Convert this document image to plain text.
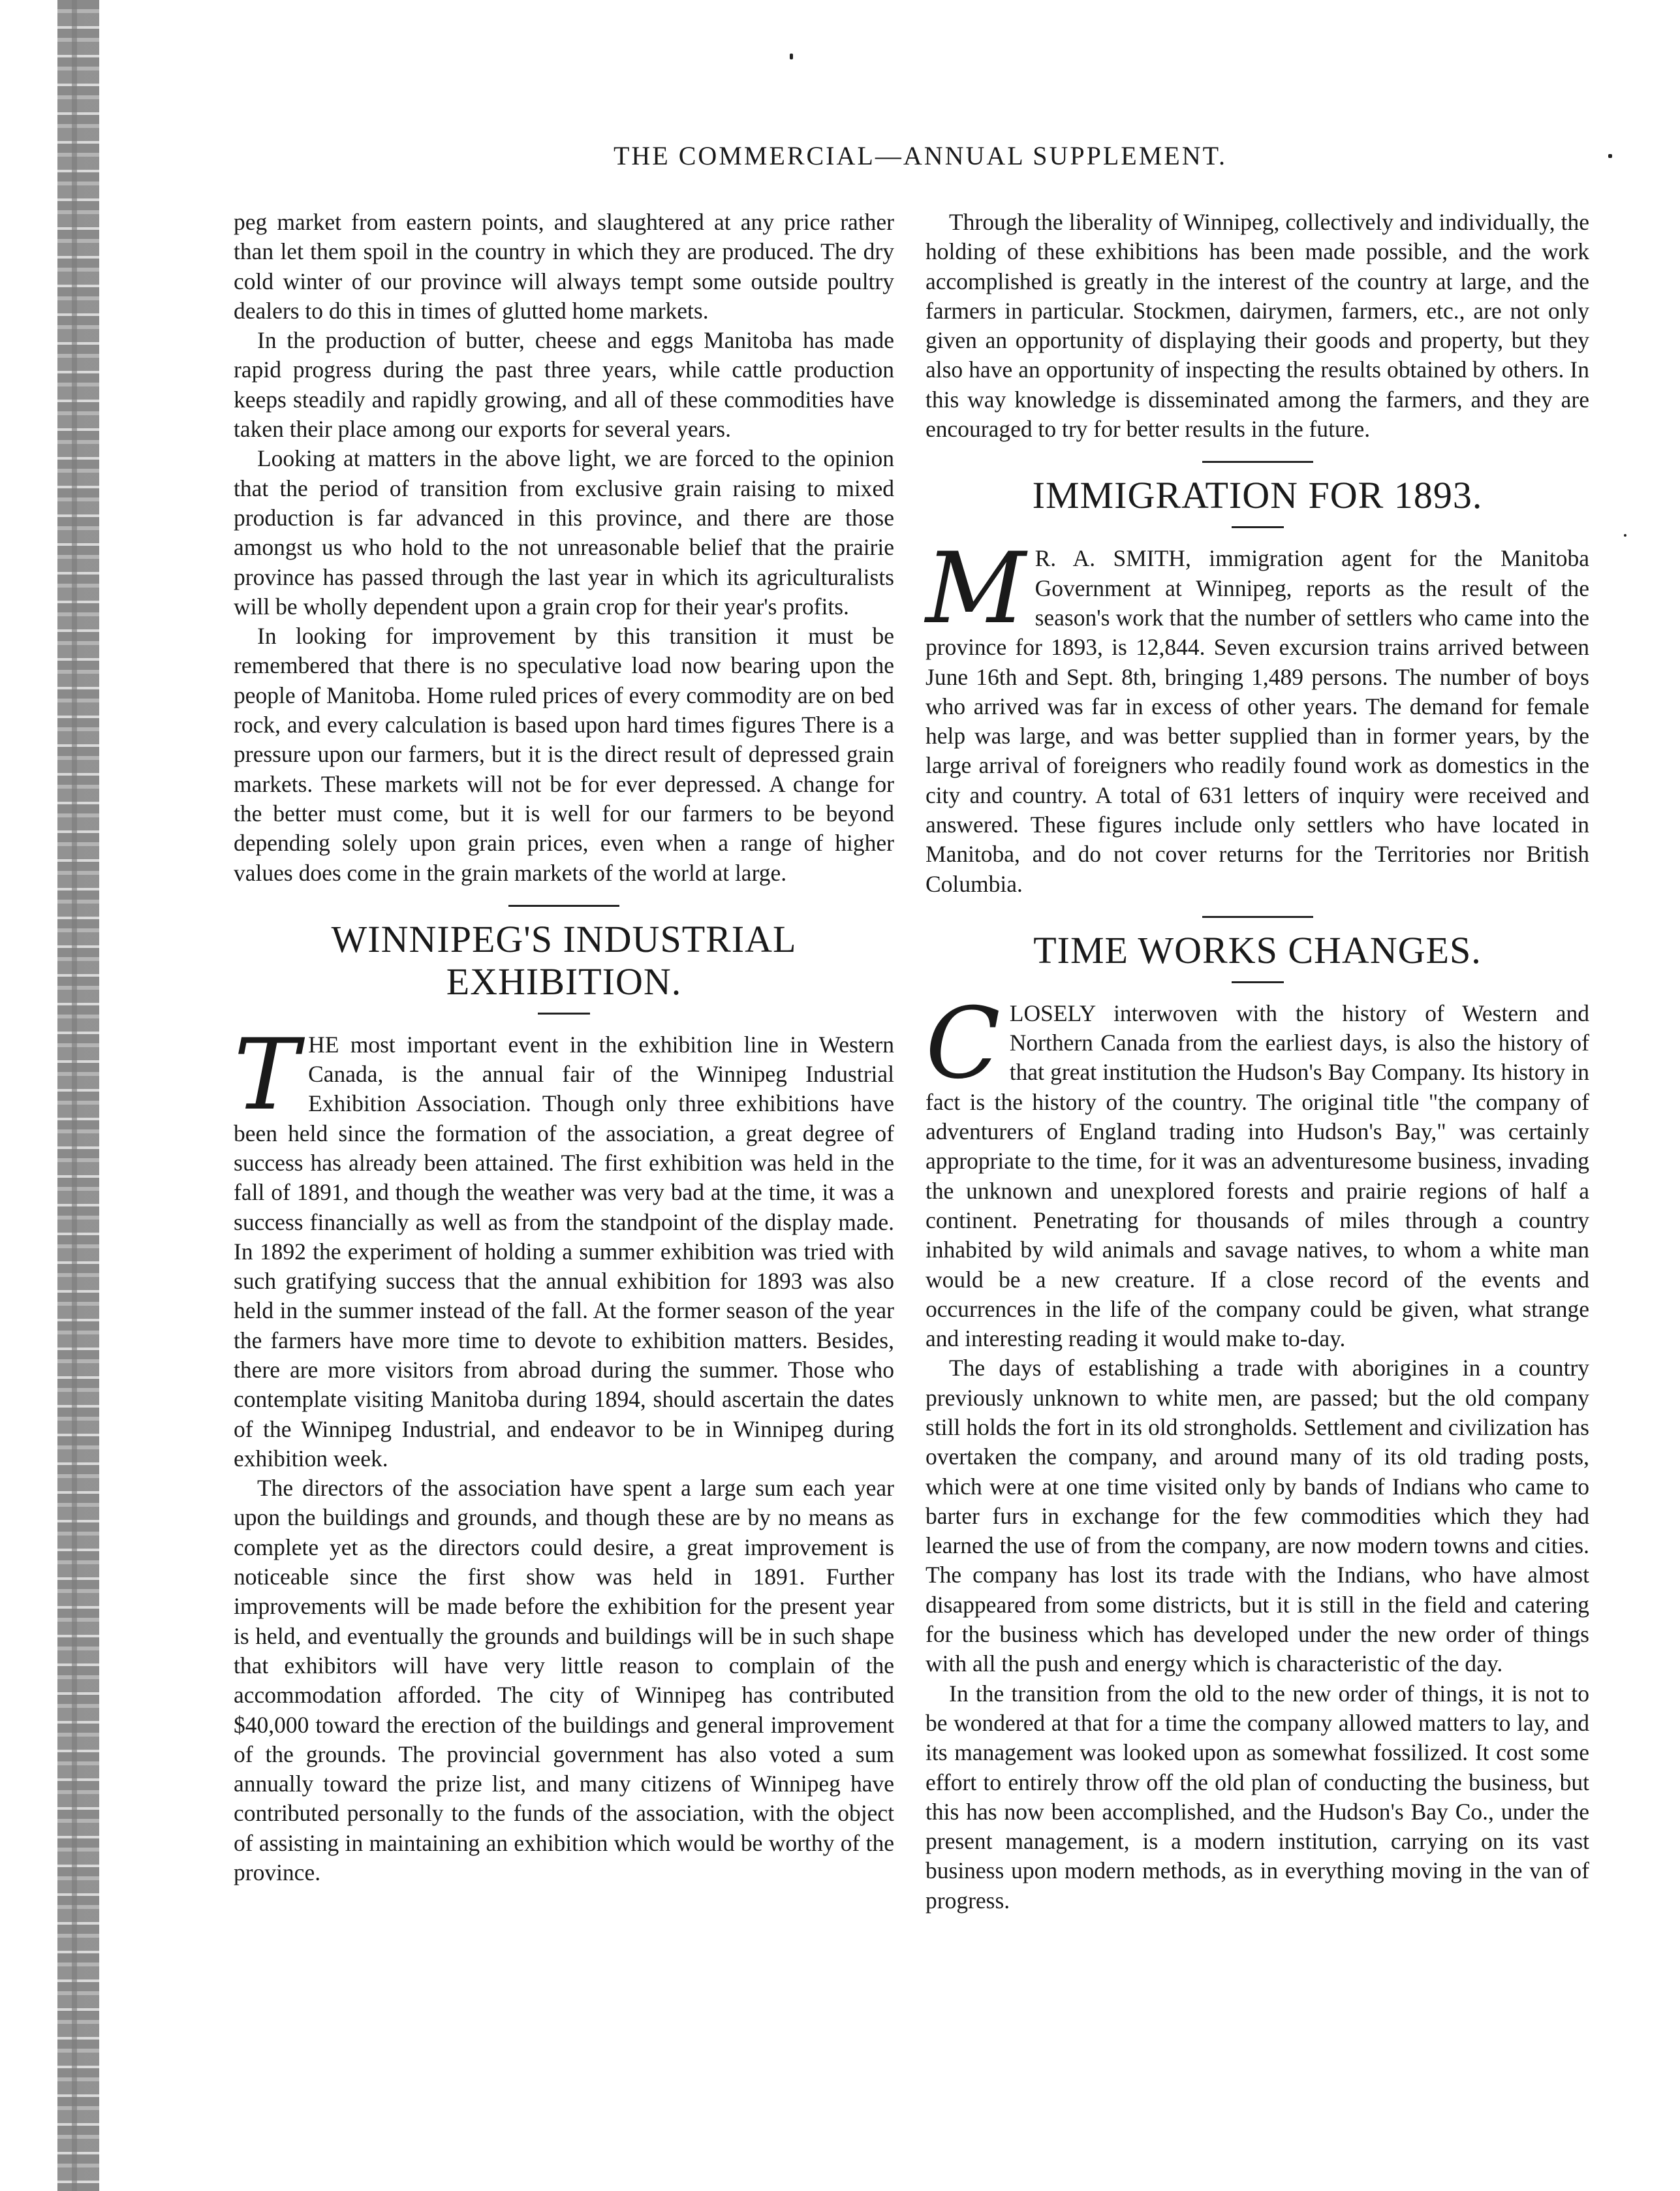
THE COMMERCIAL—ANNUAL SUPPLEMENT.

peg market from eastern points, and slaughtered at any price rather than let them spoil in the country in which they are produced. The dry cold winter of our province will always tempt some outside poultry dealers to do this in times of glutted home markets.

In the production of butter, cheese and eggs Manitoba has made rapid progress during the past three years, while cattle production keeps steadily and rapidly growing, and all of these commodities have taken their place among our exports for several years.

Looking at matters in the above light, we are forced to the opinion that the period of transition from exclusive grain raising to mixed production is far advanced in this province, and there are those amongst us who hold to the not unreasonable belief that the prairie province has passed through the last year in which its agriculturalists will be wholly dependent upon a grain crop for their year's profits.

In looking for improvement by this transition it must be remembered that there is no speculative load now bearing upon the people of Manitoba. Home ruled prices of every commodity are on bed rock, and every calculation is based upon hard times figures There is a pressure upon our farmers, but it is the direct result of depressed grain markets. These markets will not be for ever depressed. A change for the better must come, but it is well for our farmers to be beyond depending solely upon grain prices, even when a range of higher values does come in the grain markets of the world at large.

WINNIPEG'S INDUSTRIAL EXHIBITION.

THE most important event in the exhibition line in Western Canada, is the annual fair of the Winnipeg Industrial Exhibition Association. Though only three exhibitions have been held since the formation of the association, a great degree of success has already been attained. The first exhibition was held in the fall of 1891, and though the weather was very bad at the time, it was a success financially as well as from the standpoint of the display made. In 1892 the experiment of holding a summer exhibition was tried with such gratifying success that the annual exhibition for 1893 was also held in the summer instead of the fall. At the former season of the year the farmers have more time to devote to exhibition matters. Besides, there are more visitors from abroad during the summer. Those who contemplate visiting Manitoba during 1894, should ascertain the dates of the Winnipeg Industrial, and endeavor to be in Winnipeg during exhibition week.

The directors of the association have spent a large sum each year upon the buildings and grounds, and though these are by no means as complete yet as the directors could desire, a great improvement is noticeable since the first show was held in 1891. Further improvements will be made before the exhibition for the present year is held, and eventually the grounds and buildings will be in such shape that exhibitors will have very little reason to complain of the accommodation afforded. The city of Winnipeg has contributed $40,000 toward the erection of the buildings and general improvement of the grounds. The provincial government has also voted a sum annually toward the prize list, and many citizens of Winnipeg have contributed personally to the funds of the association, with the object of assisting in maintaining an exhibition which would be worthy of the province.

Through the liberality of Winnipeg, collectively and individually, the holding of these exhibitions has been made possible, and the work accomplished is greatly in the interest of the country at large, and the farmers in particular. Stockmen, dairymen, farmers, etc., are not only given an opportunity of displaying their goods and property, but they also have an opportunity of inspecting the results obtained by others. In this way knowledge is disseminated among the farmers, and they are encouraged to try for better results in the future.

IMMIGRATION FOR 1893.

M R. A. SMITH, immigration agent for the Manitoba Government at Winnipeg, reports as the result of the season's work that the number of settlers who came into the province for 1893, is 12,844. Seven excursion trains arrived between June 16th and Sept. 8th, bringing 1,489 persons. The number of boys who arrived was far in excess of other years. The demand for female help was large, and was better supplied than in former years, by the large arrival of foreigners who readily found work as domestics in the city and country. A total of 631 letters of inquiry were received and answered. These figures include only settlers who have located in Manitoba, and do not cover returns for the Territories nor British Columbia.

TIME WORKS CHANGES.

CLOSELY interwoven with the history of Western and Northern Canada from the earliest days, is also the history of that great institution the Hudson's Bay Company. Its history in fact is the history of the country. The original title "the company of adventurers of England trading into Hudson's Bay," was certainly appropriate to the time, for it was an adventuresome business, invading the unknown and unexplored forests and prairie regions of half a continent. Penetrating for thousands of miles through a country inhabited by wild animals and savage natives, to whom a white man would be a new creature. If a close record of the events and occurrences in the life of the company could be given, what strange and interesting reading it would make to-day.

The days of establishing a trade with aborigines in a country previously unknown to white men, are passed; but the old company still holds the fort in its old strongholds. Settlement and civilization has overtaken the company, and around many of its old trading posts, which were at one time visited only by bands of Indians who came to barter furs in exchange for the few commodities which they had learned the use of from the company, are now modern towns and cities. The company has lost its trade with the Indians, who have almost disappeared from some districts, but it is still in the field and catering for the business which has developed under the new order of things with all the push and energy which is characteristic of the day.

In the transition from the old to the new order of things, it is not to be wondered at that for a time the company allowed matters to lay, and its management was looked upon as somewhat fossilized. It cost some effort to entirely throw off the old plan of conducting the business, but this has now been accomplished, and the Hudson's Bay Co., under the present management, is a modern institution, carrying on its vast business upon modern methods, as in everything moving in the van of progress.
